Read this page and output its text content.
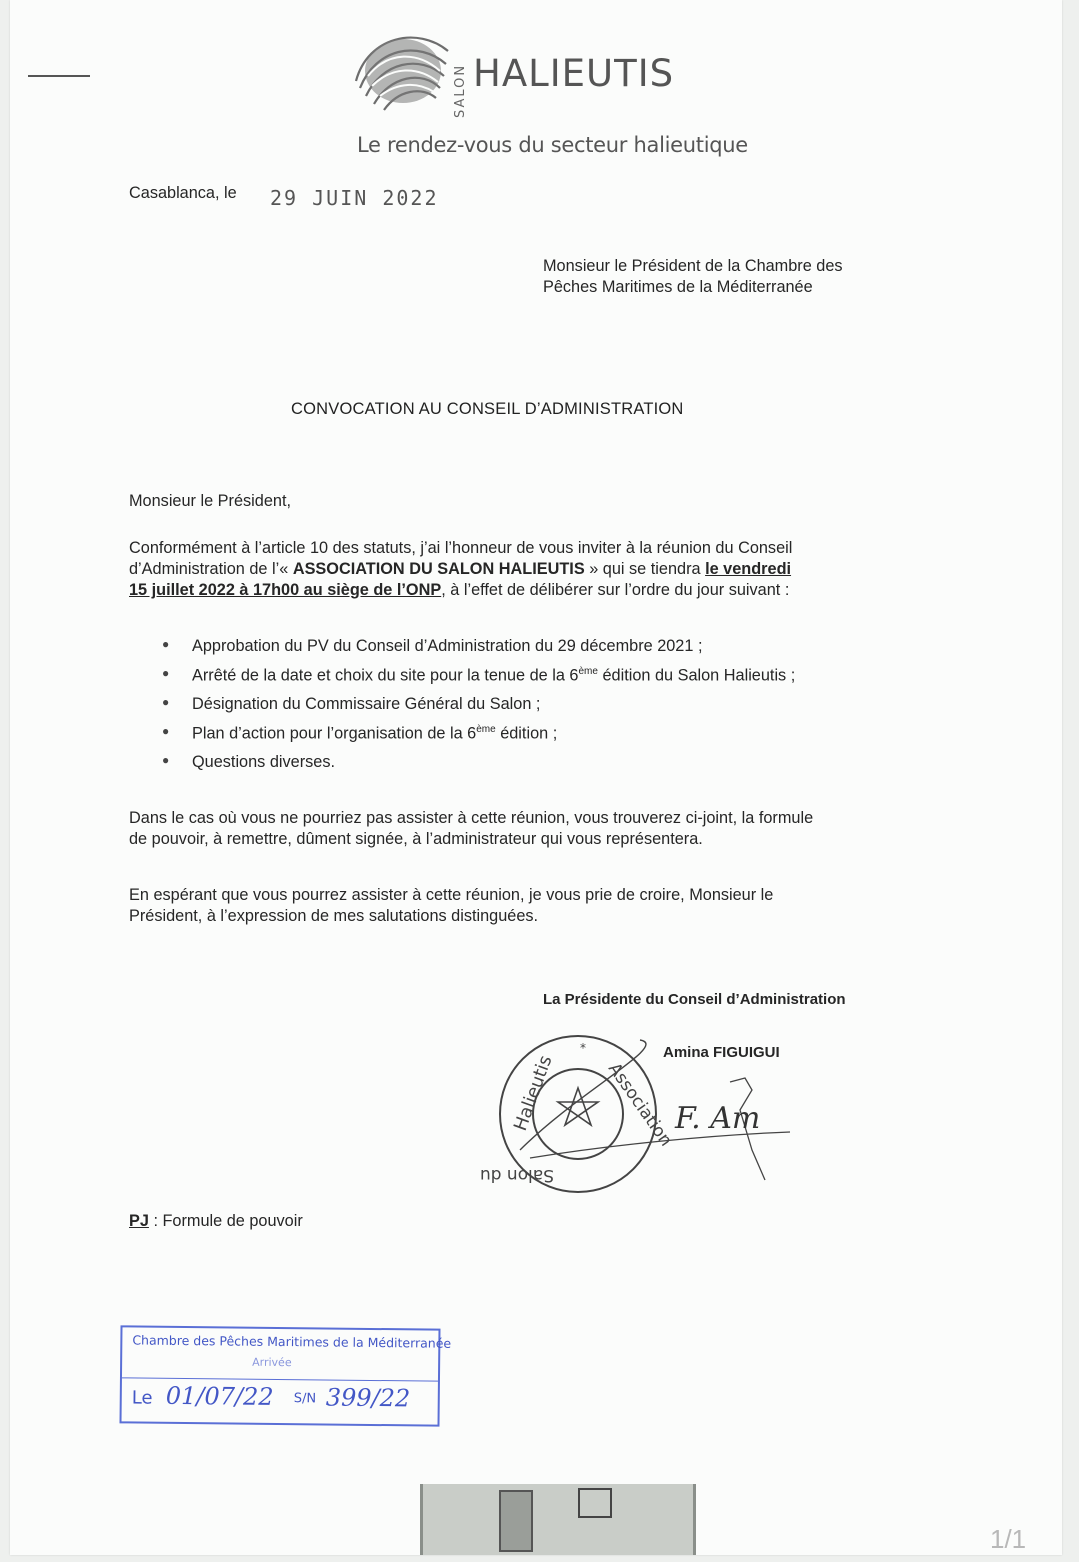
SALON HALIEUTIS
Le rendez-vous du secteur halieutique
Casablanca, le 29 JUIN 2022
Monsieur le Président de la Chambre des
Pêches Maritimes de la Méditerranée
CONVOCATION AU CONSEIL D’ADMINISTRATION
Monsieur le Président,
Conformément à l’article 10 des statuts, j’ai l’honneur de vous inviter à la réunion du Conseil
d’Administration de l’« ASSOCIATION DU SALON HALIEUTIS » qui se tiendra le vendredi
15 juillet 2022 à 17h00 au siège de l’ONP, à l’effet de délibérer sur l’ordre du jour suivant :
● Approbation du PV du Conseil d’Administration du 29 décembre 2021 ;
● Arrêté de la date et choix du site pour la tenue de la 6ème édition du Salon Halieutis ;
● Désignation du Commissaire Général du Salon ;
● Plan d’action pour l’organisation de la 6ème édition ;
● Questions diverses.
Dans le cas où vous ne pourriez pas assister à cette réunion, vous trouverez ci-joint, la formule
de pouvoir, à remettre, dûment signée, à l’administrateur qui vous représentera.
En espérant que vous pourrez assister à cette réunion, je vous prie de croire, Monsieur le
Président, à l’expression de mes salutations distinguées.
La Présidente du Conseil d’Administration
Amina FIGUIGUI
Halieutis	Association
Salon du
*
F. Am
PJ : Formule de pouvoir
Chambre des Pêches Maritimes de la Méditerranée
Arrivée
Le 01/07/22 S/N 399/22
1/1
